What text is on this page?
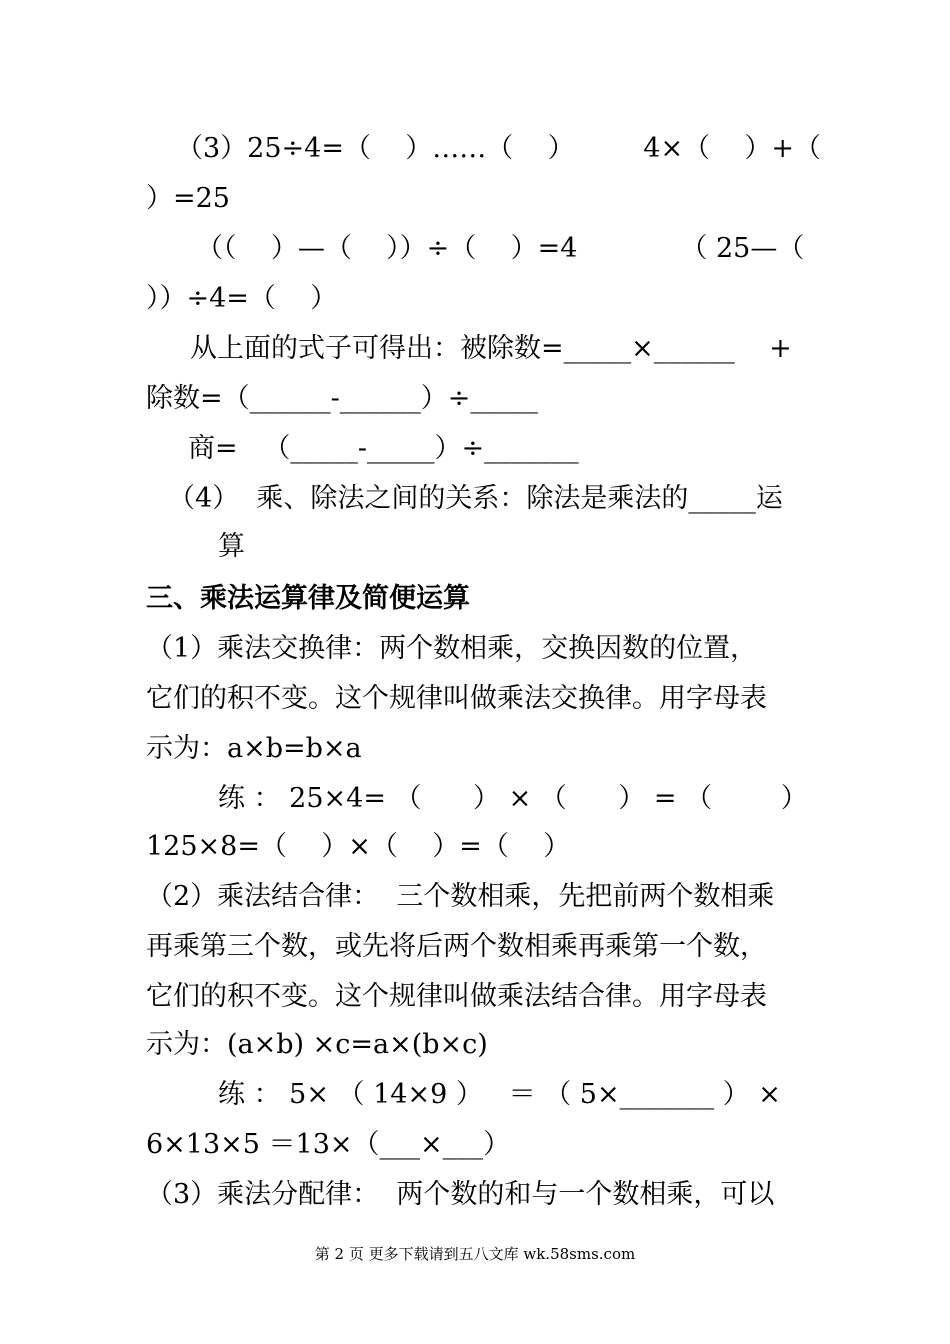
（3）25÷4=（    ）……（    ）        4×（    ）+（
）=25
（（    ）—（    ））÷（    ）=4            （ 25—（
））÷4=（    ）
从上面的式子可得出：被除数=_____×______    +
除数=（______-______）÷_____
商=   （_____-_____）÷_______
（4）  乘、除法之间的关系：除法是乘法的_____运
算
三、乘法运算律及简便运算
（1）乘法交换律：两个数相乘，交换因数的位置，
它们的积不变。这个规律叫做乘法交换律。用字母表
示为：a×b=b×a
练 ： 25×4= （      ） × （      ） = （        ）
125×8=（    ）×（    ）=（    ）
（2）乘法结合律：  三个数相乘，先把前两个数相乘
再乘第三个数，或先将后两个数相乘再乘第一个数，
它们的积不变。这个规律叫做乘法结合律。用字母表
示为：(a×b) ×c=a×(b×c)
练 ： 5× （ 14×9 ）   ＝ （ 5×_______ ） ×
6×13×5 ＝13×（___×___）
（3）乘法分配律：  两个数的和与一个数相乘，可以
第 2 页 更多下载请到五八文库 wk.58sms.com
